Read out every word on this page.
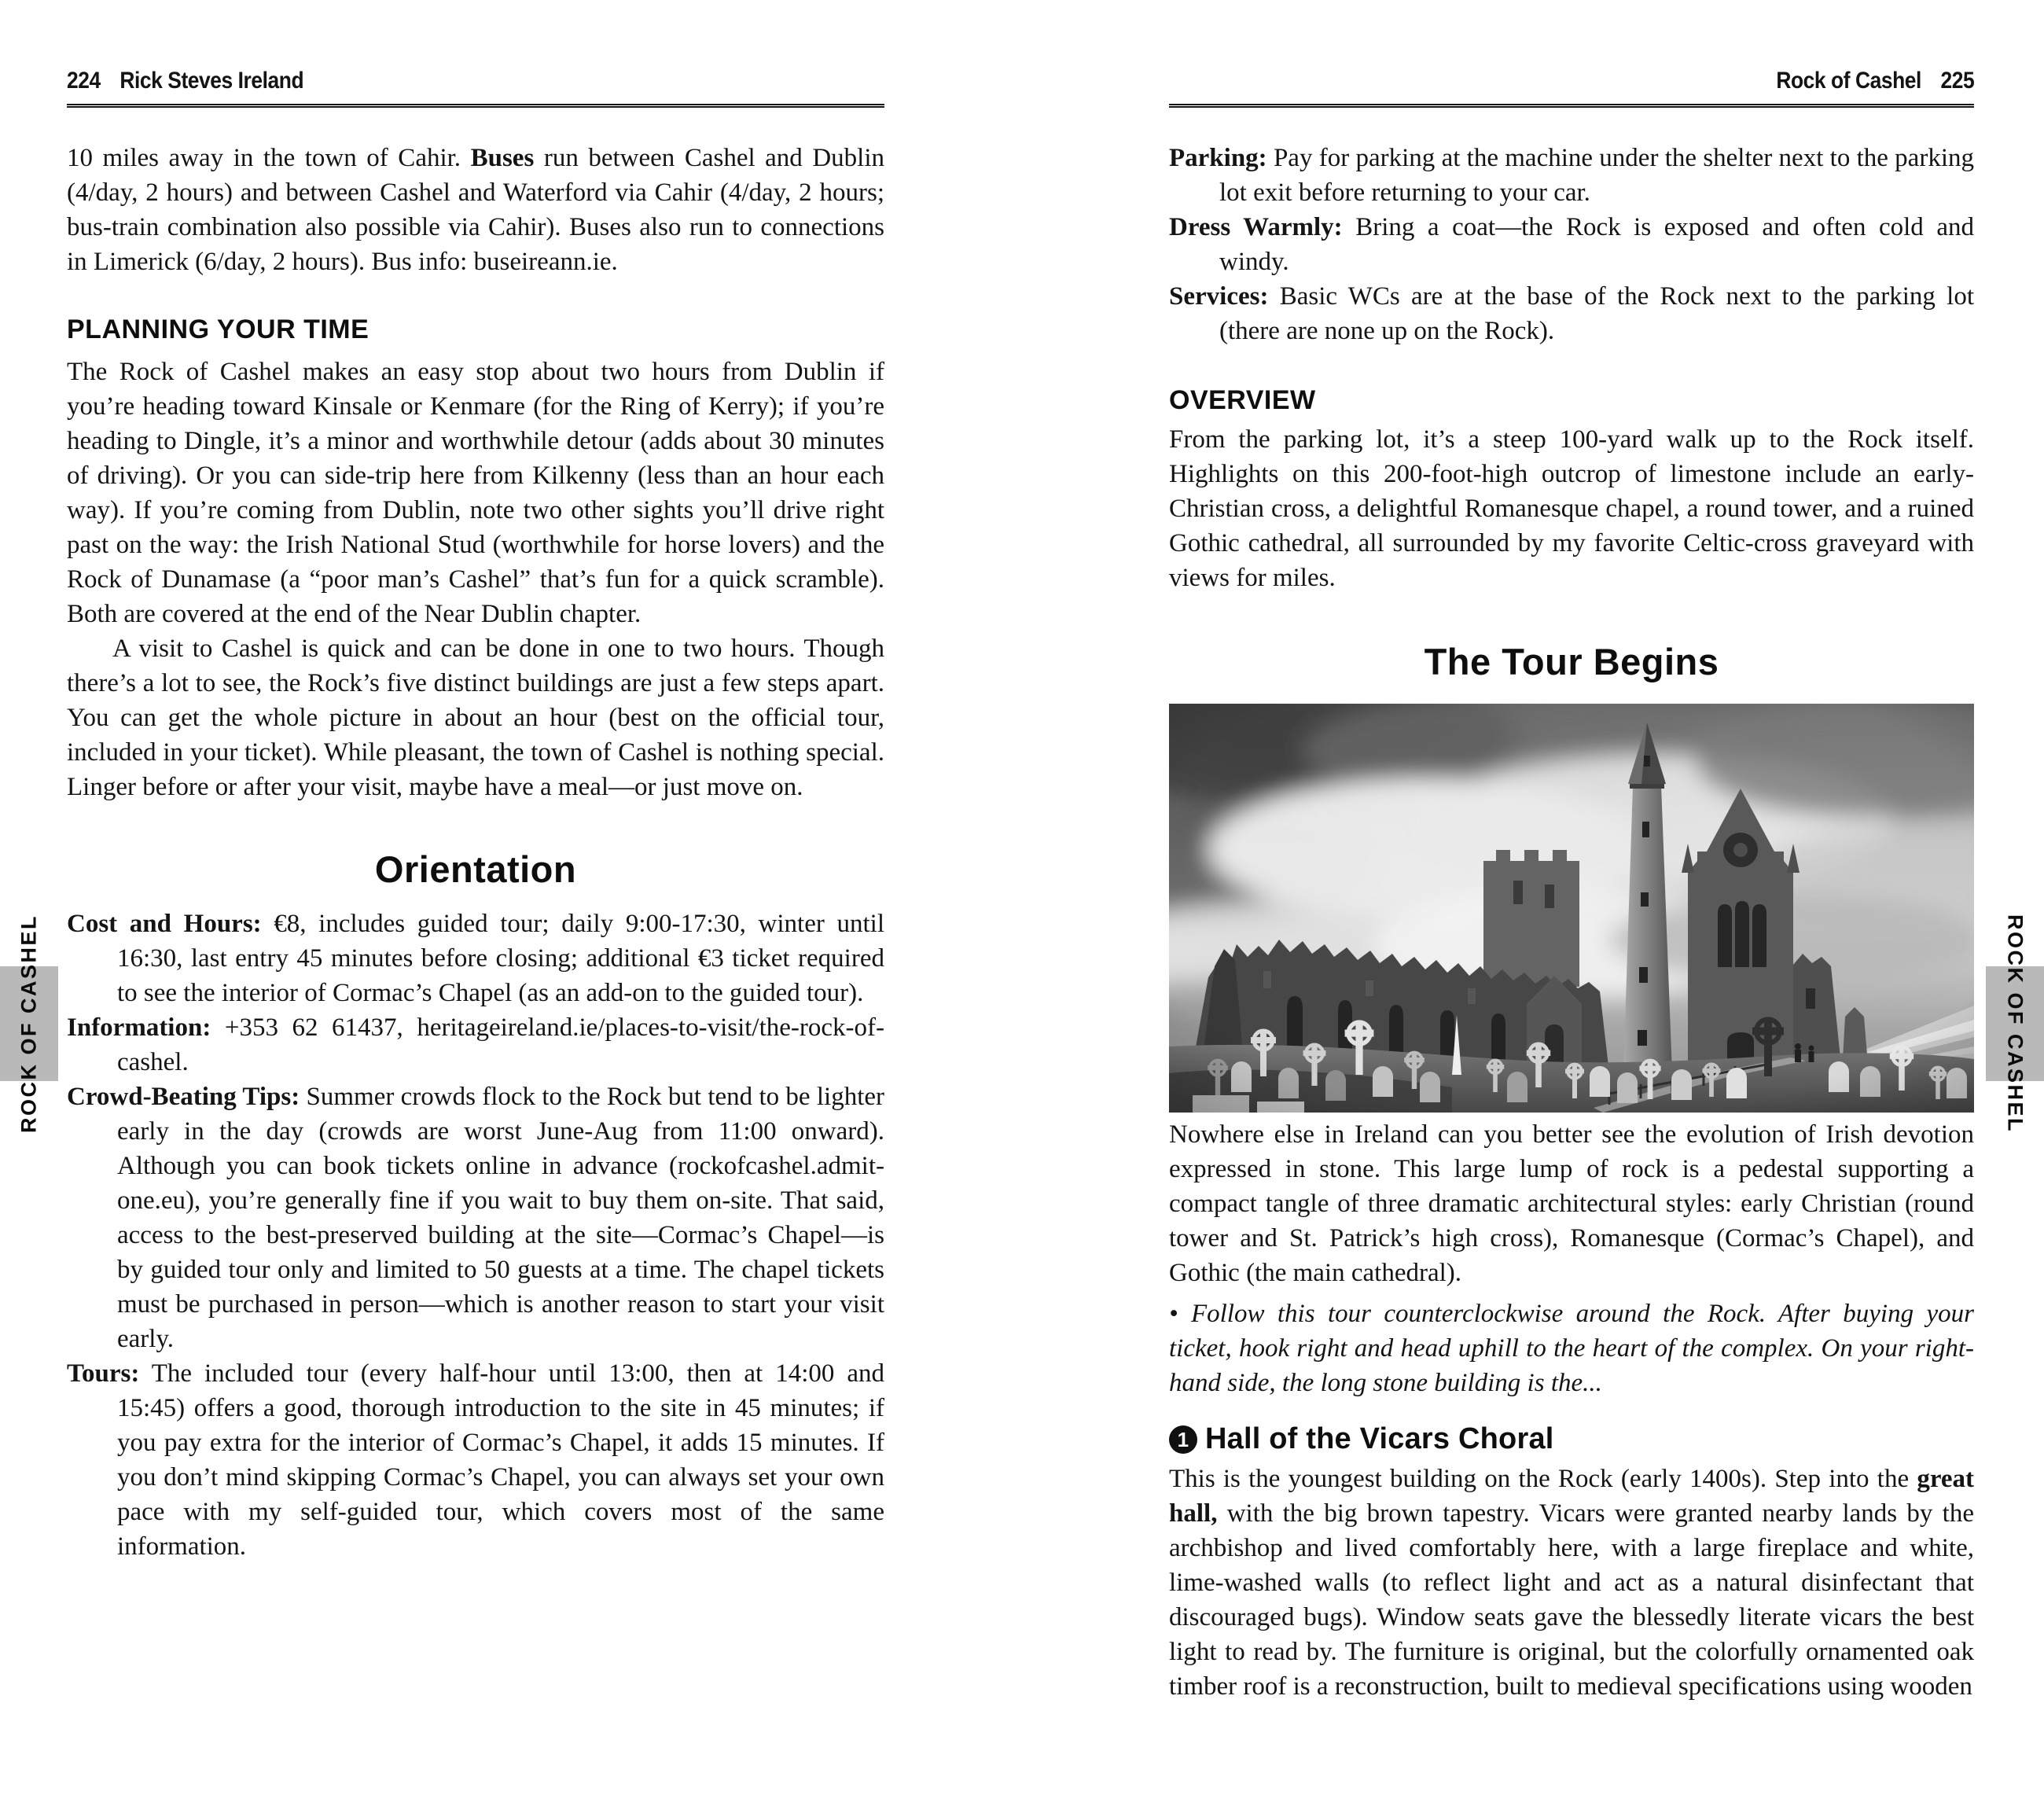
224 Rick Steves Ireland

10 miles away in the town of Cahir. Buses run between Cashel and Dublin (4/day, 2 hours) and between Cashel and Waterford via Cahir (4/day, 2 hours; bus-train combination also possible via Cahir). Buses also run to connections in Limerick (6/day, 2 hours). Bus info: buseireann.ie.

PLANNING YOUR TIME

The Rock of Cashel makes an easy stop about two hours from Dublin if you’re heading toward Kinsale or Kenmare (for the Ring of Kerry); if you’re heading to Dingle, it’s a minor and worthwhile detour (adds about 30 minutes of driving). Or you can side-trip here from Kilkenny (less than an hour each way). If you’re coming from Dublin, note two other sights you’ll drive right past on the way: the Irish National Stud (worthwhile for horse lovers) and the Rock of Dunamase (a “poor man’s Cashel” that’s fun for a quick scramble). Both are covered at the end of the Near Dublin chapter.

A visit to Cashel is quick and can be done in one to two hours. Though there’s a lot to see, the Rock’s five distinct buildings are just a few steps apart. You can get the whole picture in about an hour (best on the official tour, included in your ticket). While pleasant, the town of Cashel is nothing special. Linger before or after your visit, maybe have a meal—or just move on.

Orientation

Cost and Hours: €8, includes guided tour; daily 9:00-17:30, winter until 16:30, last entry 45 minutes before closing; additional €3 ticket required to see the interior of Cormac’s Chapel (as an add-on to the guided tour).

Information: +353 62 61437, heritageireland.ie/places-to-visit/the-rock-of-cashel.

Crowd-Beating Tips: Summer crowds flock to the Rock but tend to be lighter early in the day (crowds are worst June-Aug from 11:00 onward). Although you can book tickets online in advance (rockofcashel.admit-one.eu), you’re generally fine if you wait to buy them on-site. That said, access to the best-preserved building at the site—Cormac’s Chapel—is by guided tour only and limited to 50 guests at a time. The chapel tickets must be purchased in person—which is another reason to start your visit early.

Tours: The included tour (every half-hour until 13:00, then at 14:00 and 15:45) offers a good, thorough introduction to the site in 45 minutes; if you pay extra for the interior of Cormac’s Chapel, it adds 15 minutes. If you don’t mind skipping Cormac’s Chapel, you can always set your own pace with my self-guided tour, which covers most of the same information.

Rock of Cashel 225

Parking: Pay for parking at the machine under the shelter next to the parking lot exit before returning to your car.

Dress Warmly: Bring a coat—the Rock is exposed and often cold and windy.

Services: Basic WCs are at the base of the Rock next to the parking lot (there are none up on the Rock).

OVERVIEW

From the parking lot, it’s a steep 100-yard walk up to the Rock itself. Highlights on this 200-foot-high outcrop of limestone include an early-Christian cross, a delightful Romanesque chapel, a round tower, and a ruined Gothic cathedral, all surrounded by my favorite Celtic-cross graveyard with views for miles.

The Tour Begins

Nowhere else in Ireland can you better see the evolution of Irish devotion expressed in stone. This large lump of rock is a pedestal supporting a compact tangle of three dramatic architectural styles: early Christian (round tower and St. Patrick’s high cross), Romanesque (Cormac’s Chapel), and Gothic (the main cathedral).

• Follow this tour counterclockwise around the Rock. After buying your ticket, hook right and head uphill to the heart of the complex. On your right-hand side, the long stone building is the...

1 Hall of the Vicars Choral

This is the youngest building on the Rock (early 1400s). Step into the great hall, with the big brown tapestry. Vicars were granted nearby lands by the archbishop and lived comfortably here, with a large fireplace and white, lime-washed walls (to reflect light and act as a natural disinfectant that discouraged bugs). Window seats gave the blessedly literate vicars the best light to read by. The furniture is original, but the colorfully ornamented oak timber roof is a reconstruction, built to medieval specifications using wooden

ROCK OF CASHEL	ROCK OF CASHEL
